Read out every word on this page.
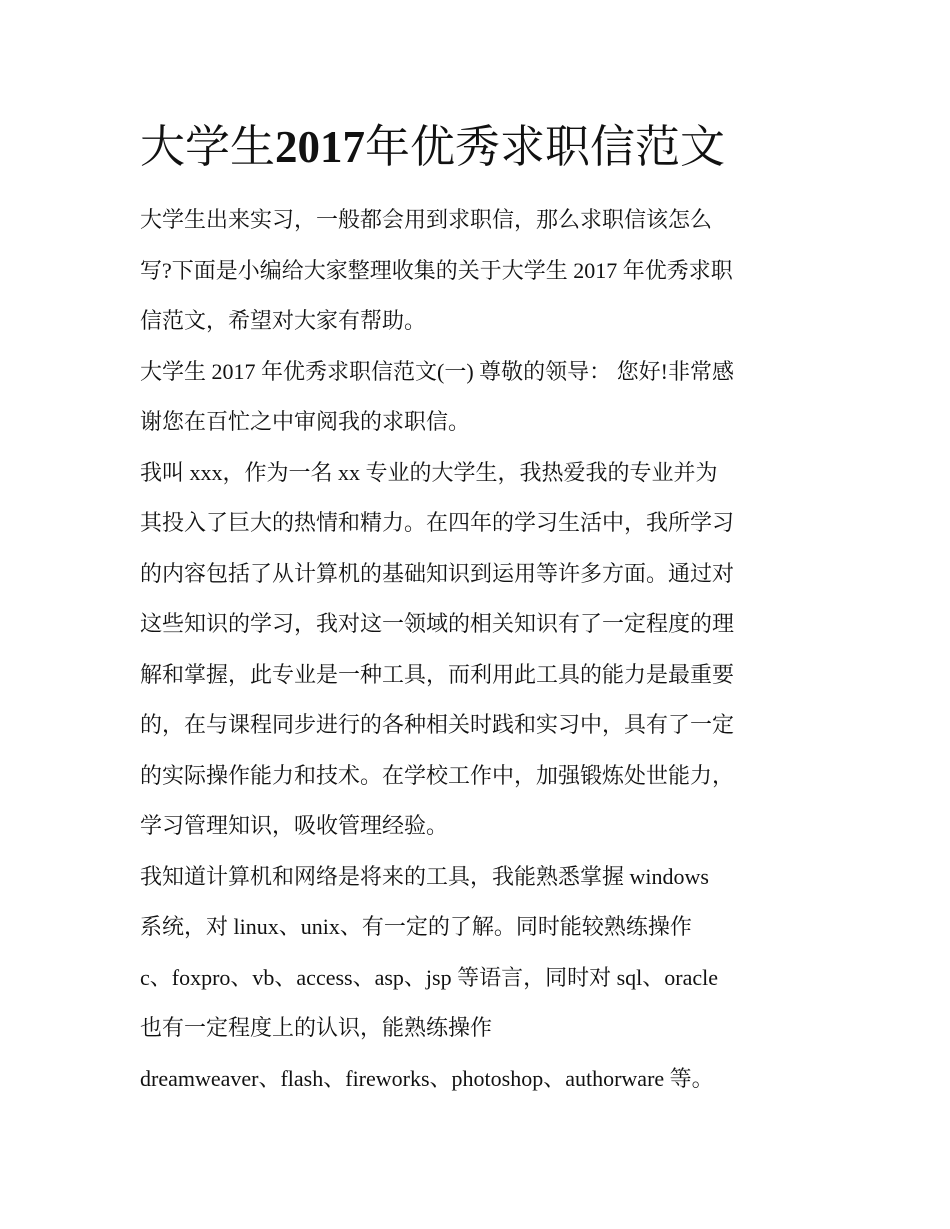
大学生2017年优秀求职信范文
大学生出来实习，一般都会用到求职信，那么求职信该怎么
写?下面是小编给大家整理收集的关于大学生 2017 年优秀求职
信范文，希望对大家有帮助。
大学生 2017 年优秀求职信范文(一) 尊敬的领导： 您好!非常感
谢您在百忙之中审阅我的求职信。
我叫 xxx，作为一名 xx 专业的大学生，我热爱我的专业并为
其投入了巨大的热情和精力。在四年的学习生活中，我所学习
的内容包括了从计算机的基础知识到运用等许多方面。通过对
这些知识的学习，我对这一领域的相关知识有了一定程度的理
解和掌握，此专业是一种工具，而利用此工具的能力是最重要
的，在与课程同步进行的各种相关时践和实习中，具有了一定
的实际操作能力和技术。在学校工作中，加强锻炼处世能力，
学习管理知识，吸收管理经验。
我知道计算机和网络是将来的工具，我能熟悉掌握 windows
系统，对 linux、unix、有一定的了解。同时能较熟练操作
c、foxpro、vb、access、asp、jsp 等语言，同时对 sql、oracle
也有一定程度上的认识，能熟练操作
dreamweaver、flash、fireworks、photoshop、authorware 等。
